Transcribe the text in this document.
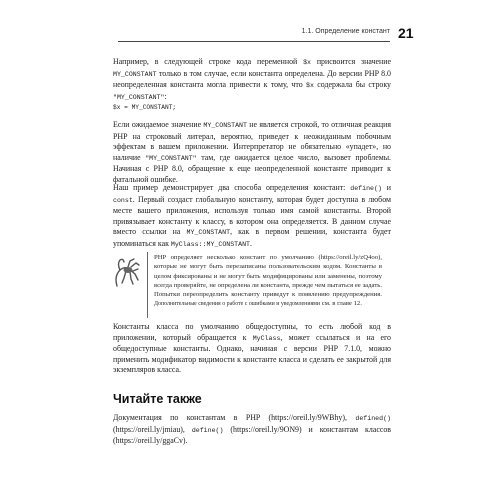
1.1. Определение констант 21

Например, в следующей строке кода переменной $x присвоится значение MY_CONSTANT только в том случае, если константа определена. До версии PHP 8.0 неопределенная константа могла привести к тому, что $x содержала бы строку "MY_CONSTANT":

$x = MY_CONSTANT;

Если ожидаемое значение MY_CONSTANT не является строкой, то отличная реакция PHP на строковый литерал, вероятно, приведет к неожиданным побочным эффектам в вашем приложении. Интерпретатор не обязательно «упадет», но наличие "MY_CONSTANT" там, где ожидается целое число, вызовет проблемы. Начиная с PHP 8.0, обращение к еще неопределенной константе приводит к фатальной ошибке.

Наш пример демонстрирует два способа определения констант: define() и const. Первый создаст глобальную константу, которая будет доступна в любом месте вашего приложения, используя только имя самой константы. Второй привязывает константу к классу, в котором она определяется. В данном случае вместо ссылки на MY_CONSTANT, как в первом решении, константа будет упоминаться как MyClass::MY_CONSTANT.

PHP определяет несколько констант по умолчанию (https://oreil.ly/zQ4oo), которые не могут быть перезаписаны пользовательским кодом. Константы в целом фиксированы и не могут быть модифицированы или заменены, поэтому всегда проверяйте, не определена ли константа, прежде чем пытаться ее задать. Попытки переопределить константу приведут к появлению предупреждения. Дополнительные сведения о работе с ошибками и уведомлениями см. в главе 12.

Константы класса по умолчанию общедоступны, то есть любой код в приложении, который обращается к MyClass, может ссылаться и на его общедоступные константы. Однако, начиная с версии PHP 7.1.0, можно применить модификатор видимости к константе класса и сделать ее закрытой для экземпляров класса.

Читайте также

Документация по константам в PHP (https://oreil.ly/9WBhy), defined() (https://oreil.ly/jmiau), define() (https://oreil.ly/9ON9) и константам классов (https://oreil.ly/ggaCv).
